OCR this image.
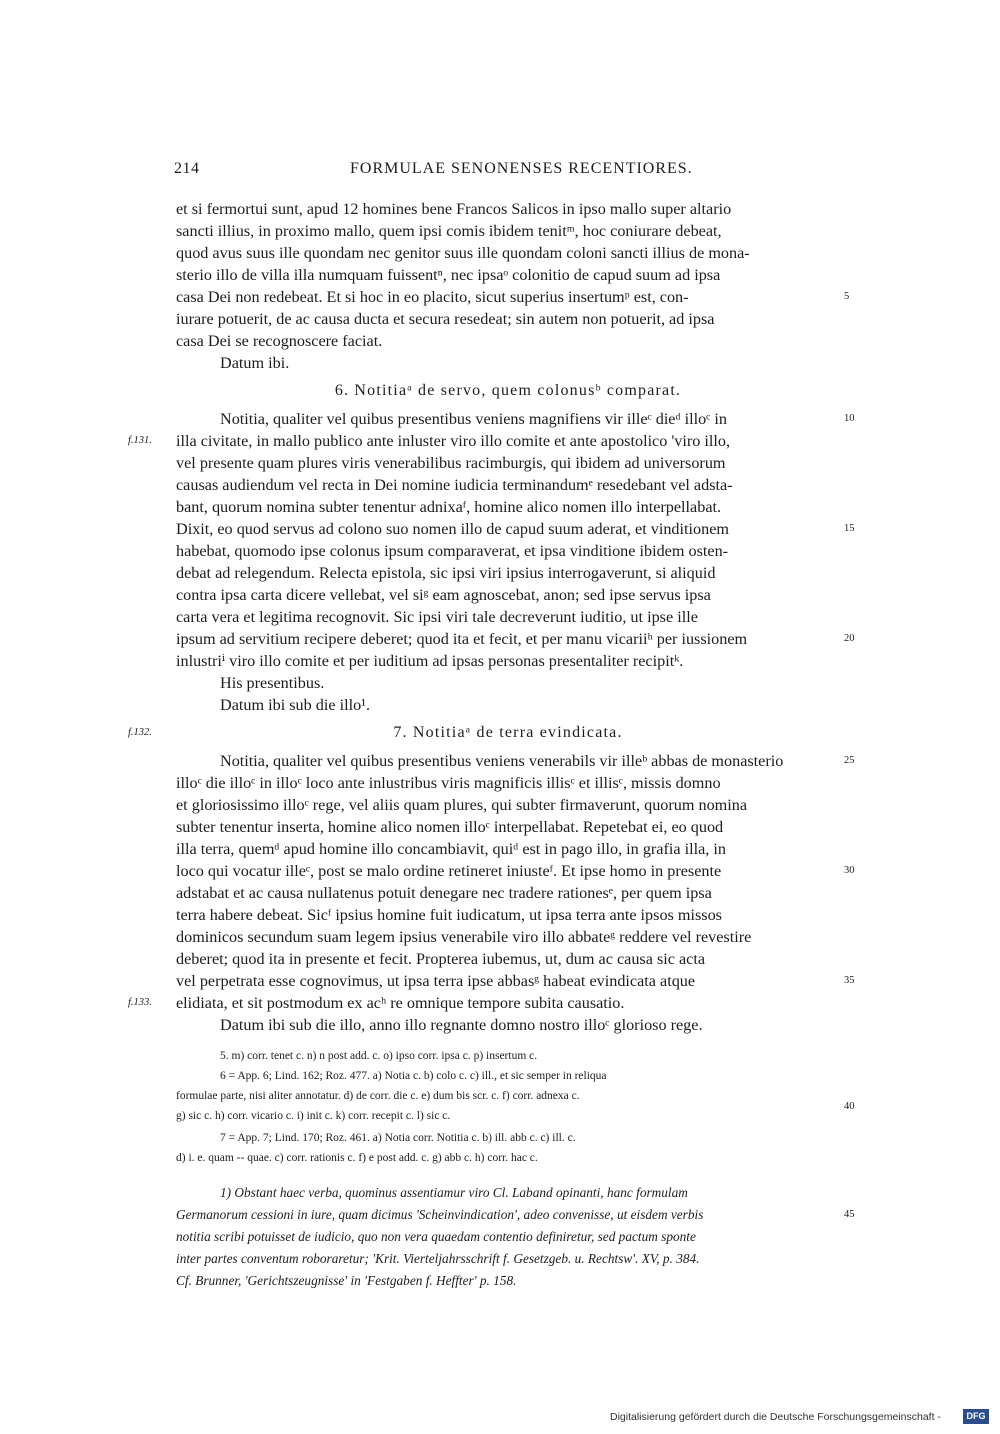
214	FORMULAE SENONENSES RECENTIORES.
et si fermortui sunt, apud 12 homines bene Francos Salicos in ipso mallo super altario
sancti illius, in proximo mallo, quem ipsi comis ibidem tenitᵐ, hoc coniurare debeat,
quod avus suus ille quondam nec genitor suus ille quondam coloni sancti illius de mona-
sterio illo de villa illa numquam fuissentⁿ, nec ipsaᵒ colonitio de capud suum ad ipsa
casa Dei non redebeat. Et si hoc in eo placito, sicut superius insertumᵖ est, con-
iurare potuerit, de ac causa ducta et secura resedeat; sin autem non potuerit, ad ipsa
casa Dei se recognoscere faciat.
Datum ibi.
6. Notitiaᵃ de servo, quem colonusᵇ comparat.
Notitia, qualiter vel quibus presentibus veniens magnifiens vir illeᶜ dieᵈ illoᶜ in
illa civitate, in mallo publico ante inluster viro illo comite et ante apostolico 'viro illo,
vel presente quam plures viris venerabilibus racimburgis, qui ibidem ad universorum
causas audiendum vel recta in Dei nomine iudicia terminandumᵉ resedebant vel adsta-
bant, quorum nomina subter tenentur adnixaᶠ, homine alico nomen illo interpellabat.
Dixit, eo quod servus ad colono suo nomen illo de capud suum aderat, et vinditionem
habebat, quomodo ipse colonus ipsum comparaverat, et ipsa vinditione ibidem osten-
debat ad relegendum. Relecta epistola, sic ipsi viri ipsius interrogaverunt, si aliquid
contra ipsa carta dicere vellebat, vel siᵍ eam agnoscebat, anon; sed ipse servus ipsa
carta vera et legitima recognovit. Sic ipsi viri tale decreverunt iuditio, ut ipse ille
ipsum ad servitium recipere deberet; quod ita et fecit, et per manu vicariiʰ per iussionem
inlustriⁱ viro illo comite et per iuditium ad ipsas personas presentaliter recipitᵏ.
His presentibus.
Datum ibi sub die illo¹.
7. Notitiaᵃ de terra evindicata.
Notitia, qualiter vel quibus presentibus veniens venerabils vir illeᵇ abbas de monasterio
illoᶜ die illoᶜ in illoᶜ loco ante inlustribus viris magnificis illisᶜ et illisᶜ, missis domno
et gloriosissimo illoᶜ rege, vel aliis quam plures, qui subter firmaverunt, quorum nomina
subter tenentur inserta, homine alico nomen illoᶜ interpellabat. Repetebat ei, eo quod
illa terra, quemᵈ apud homine illo concambiavit, quiᵈ est in pago illo, in grafia illa, in
loco qui vocatur illeᶜ, post se malo ordine retineret iniusteᶠ. Et ipse homo in presente
adstabat et ac causa nullatenus potuit denegare nec tradere rationesᵉ, per quem ipsa
terra habere debeat. Sicᶠ ipsius homine fuit iudicatum, ut ipsa terra ante ipsos missos
dominicos secundum suam legem ipsius venerabile viro illo abbateᵍ reddere vel revestire
deberet; quod ita in presente et fecit. Propterea iubemus, ut, dum ac causa sic acta
vel perpetrata esse cognovimus, ut ipsa terra ipse abbasᵍ habeat evindicata atque
elidiata, et sit postmodum ex acʰ re omnique tempore subita causatio.
Datum ibi sub die illo, anno illo regnante domno nostro illoᶜ glorioso rege.
5
10
15
20
25
30
35
40
45
f.131.
f.132.
f.133.
5. m) corr. tenet c. n) n post add. c. o) ipso corr. ipsa c. p) insertum c.
6 = App. 6; Lind. 162; Roz. 477. a) Notia c. b) colo c. c) ill., et sic semper in reliqua
formulae parte, nisi aliter annotatur. d) de corr. die c. e) dum bis scr. c. f) corr. adnexa c.
g) sic c. h) corr. vicario c. i) init c. k) corr. recepit c. l) sic c.
7 = App. 7; Lind. 170; Roz. 461. a) Notia corr. Notitia c. b) ill. abb c. c) ill. c.
d) i. e. quam -- quae. c) corr. rationis c. f) e post add. c. g) abb c. h) corr. hac c.
1) Obstant haec verba, quominus assentiamur viro Cl. Laband opinanti, hanc formulam
Germanorum cessioni in iure, quam dicimus 'Scheinvindication', adeo convenisse, ut eisdem verbis
notitia scribi potuisset de iudicio, quo non vera quaedam contentio definiretur, sed pactum sponte
inter partes conventum roboraretur; 'Krit. Vierteljahrsschrift f. Gesetzgeb. u. Rechtsw'. XV, p. 384.
Cf. Brunner, 'Gerichtszeugnisse' in 'Festgaben f. Heffter' p. 158.
Digitalisierung gefördert durch die Deutsche Forschungsgemeinschaft -	DFG
